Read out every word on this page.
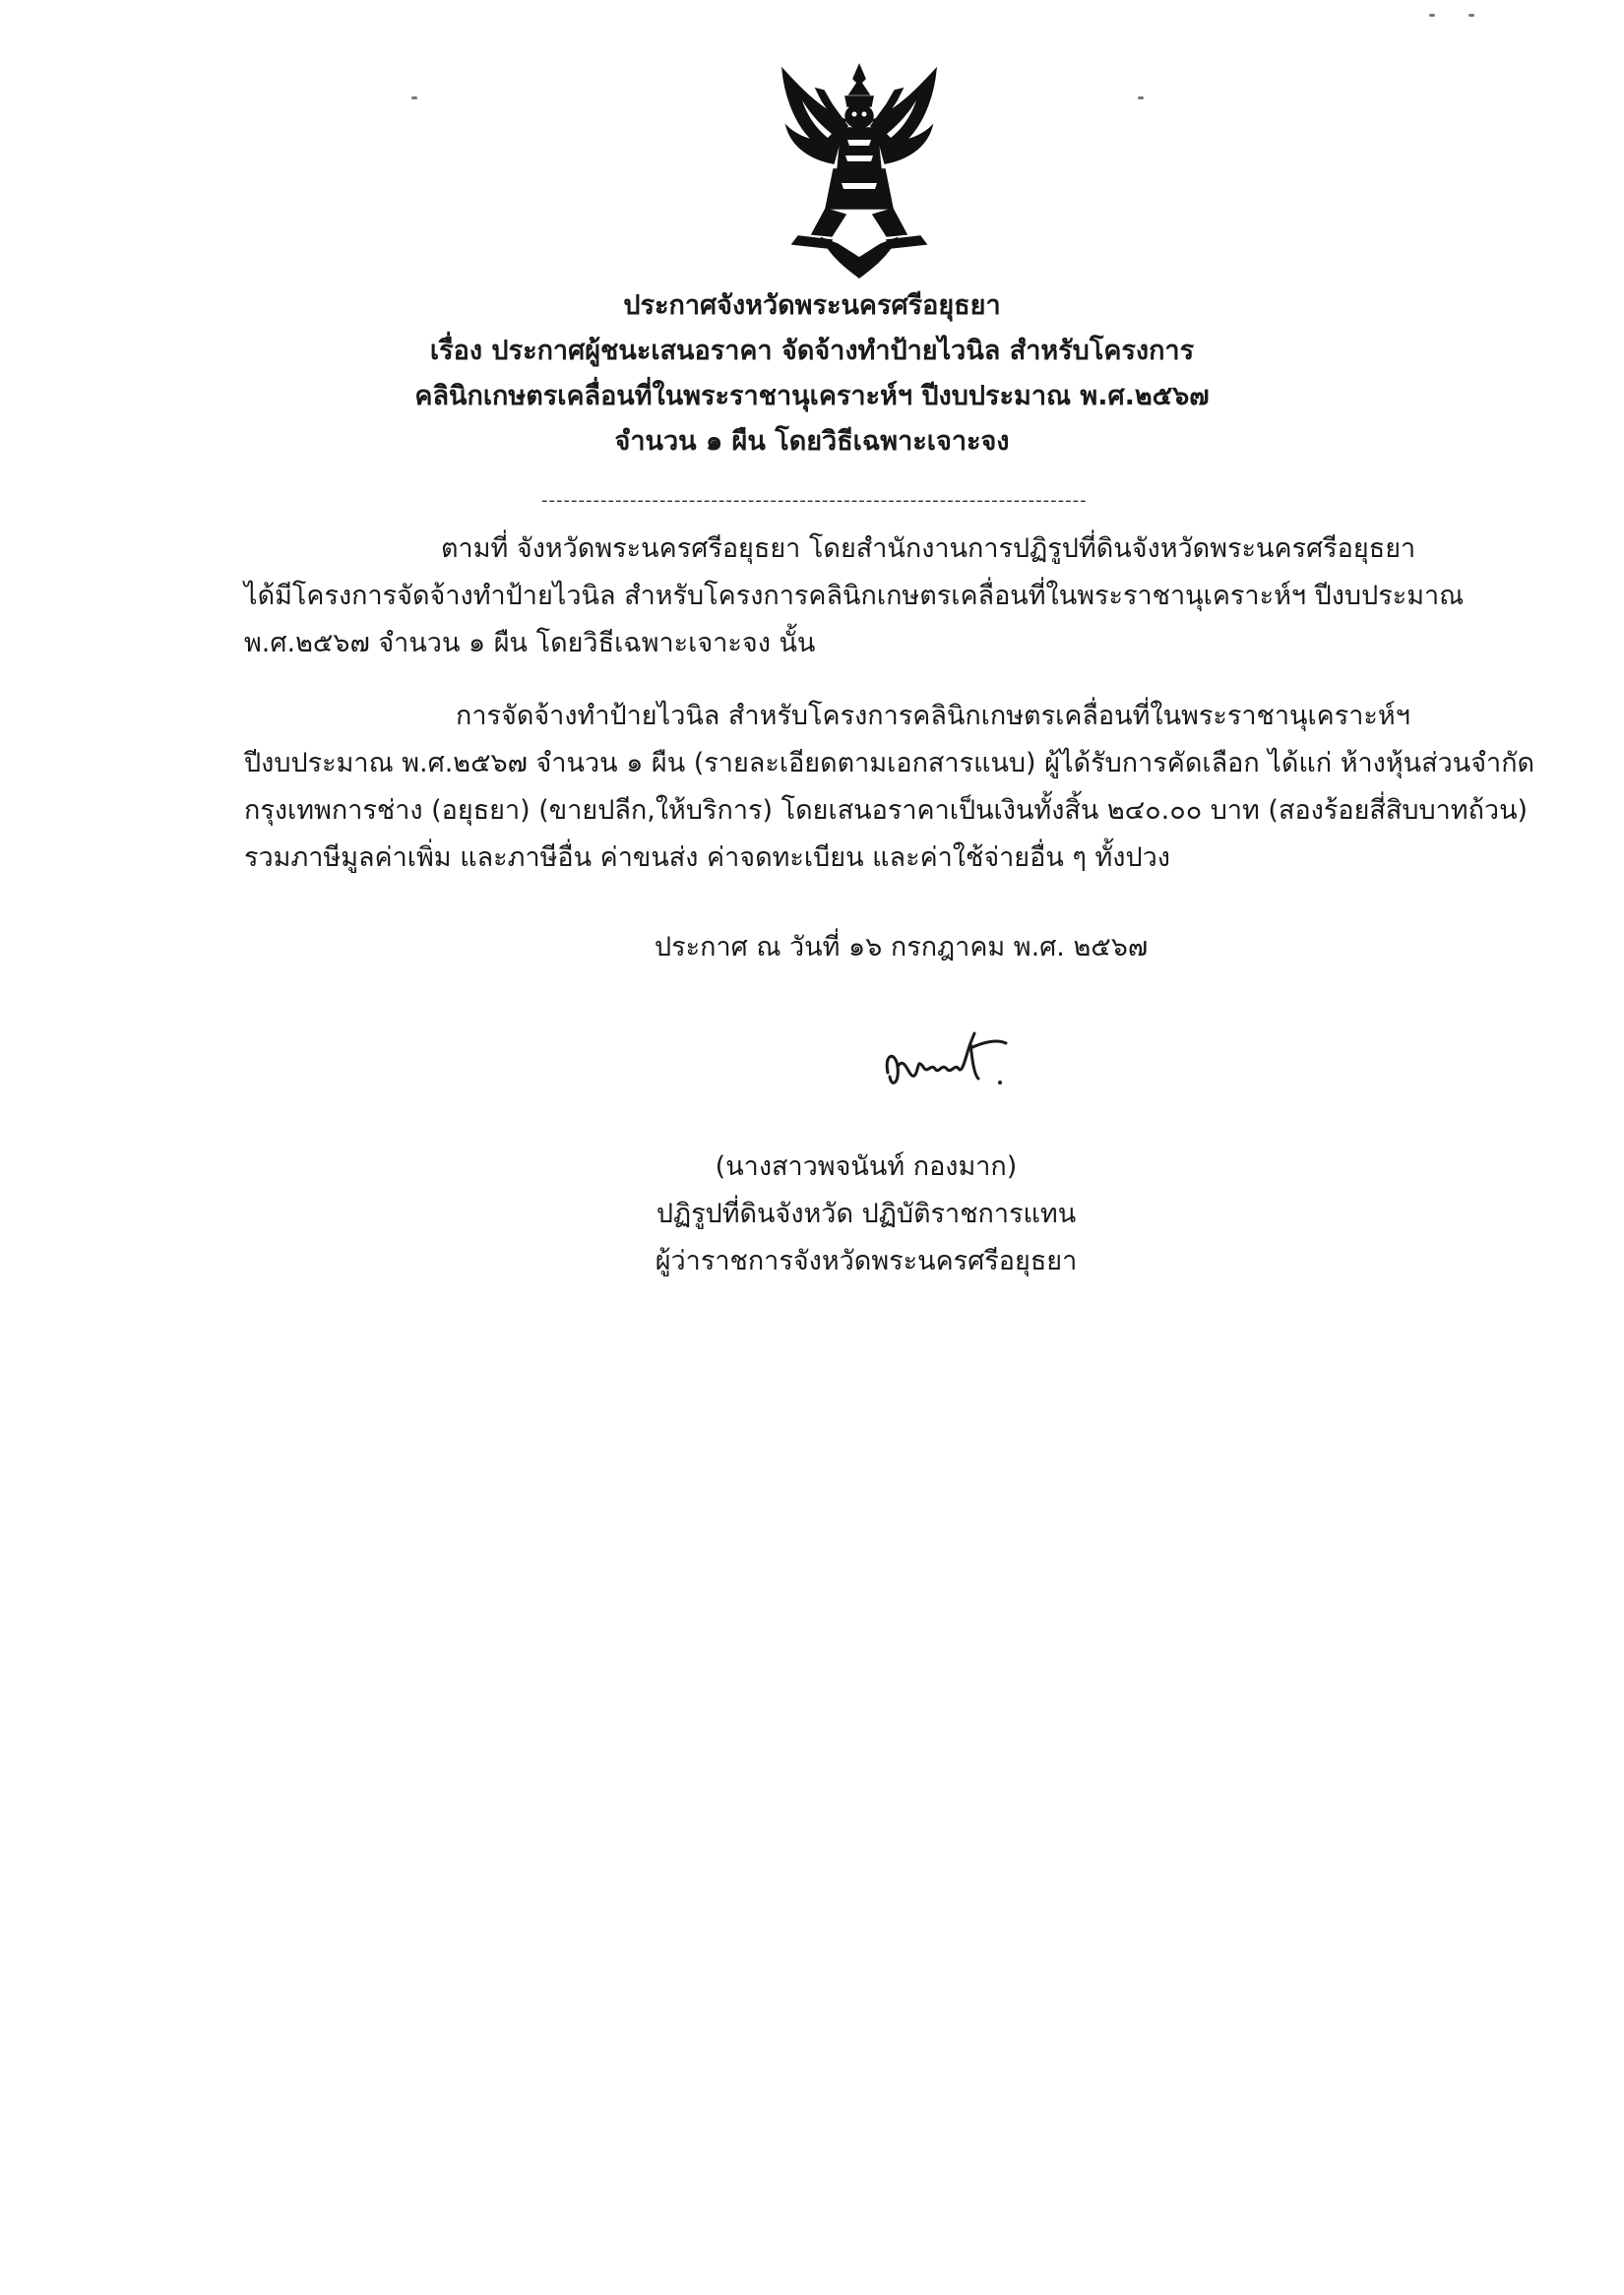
ประกาศจังหวัดพระนครศรีอยุธยา
เรื่อง ประกาศผู้ชนะเสนอราคา จัดจ้างทำป้ายไวนิล สำหรับโครงการ
คลินิกเกษตรเคลื่อนที่ในพระราชานุเคราะห์ฯ ปีงบประมาณ พ.ศ.๒๕๖๗
จำนวน ๑ ผืน โดยวิธีเฉพาะเจาะจง
--------------------------------------------------------------------------
ตามที่ จังหวัดพระนครศรีอยุธยา โดยสำนักงานการปฏิรูปที่ดินจังหวัดพระนครศรีอยุธยา
ได้มีโครงการจัดจ้างทำป้ายไวนิล สำหรับโครงการคลินิกเกษตรเคลื่อนที่ในพระราชานุเคราะห์ฯ ปีงบประมาณ
พ.ศ.๒๕๖๗ จำนวน ๑ ผืน โดยวิธีเฉพาะเจาะจง นั้น
การจัดจ้างทำป้ายไวนิล สำหรับโครงการคลินิกเกษตรเคลื่อนที่ในพระราชานุเคราะห์ฯ
ปีงบประมาณ พ.ศ.๒๕๖๗ จำนวน ๑ ผืน (รายละเอียดตามเอกสารแนบ) ผู้ได้รับการคัดเลือก ได้แก่ ห้างหุ้นส่วนจำกัด
กรุงเทพการช่าง (อยุธยา) (ขายปลีก,ให้บริการ) โดยเสนอราคาเป็นเงินทั้งสิ้น ๒๔๐.๐๐ บาท (สองร้อยสี่สิบบาทถ้วน)
รวมภาษีมูลค่าเพิ่ม และภาษีอื่น ค่าขนส่ง ค่าจดทะเบียน และค่าใช้จ่ายอื่น ๆ ทั้งปวง
ประกาศ ณ วันที่ ๑๖ กรกฎาคม พ.ศ. ๒๕๖๗
(นางสาวพจนันท์ กองมาก)
ปฏิรูปที่ดินจังหวัด ปฏิบัติราชการแทน
ผู้ว่าราชการจังหวัดพระนครศรีอยุธยา
